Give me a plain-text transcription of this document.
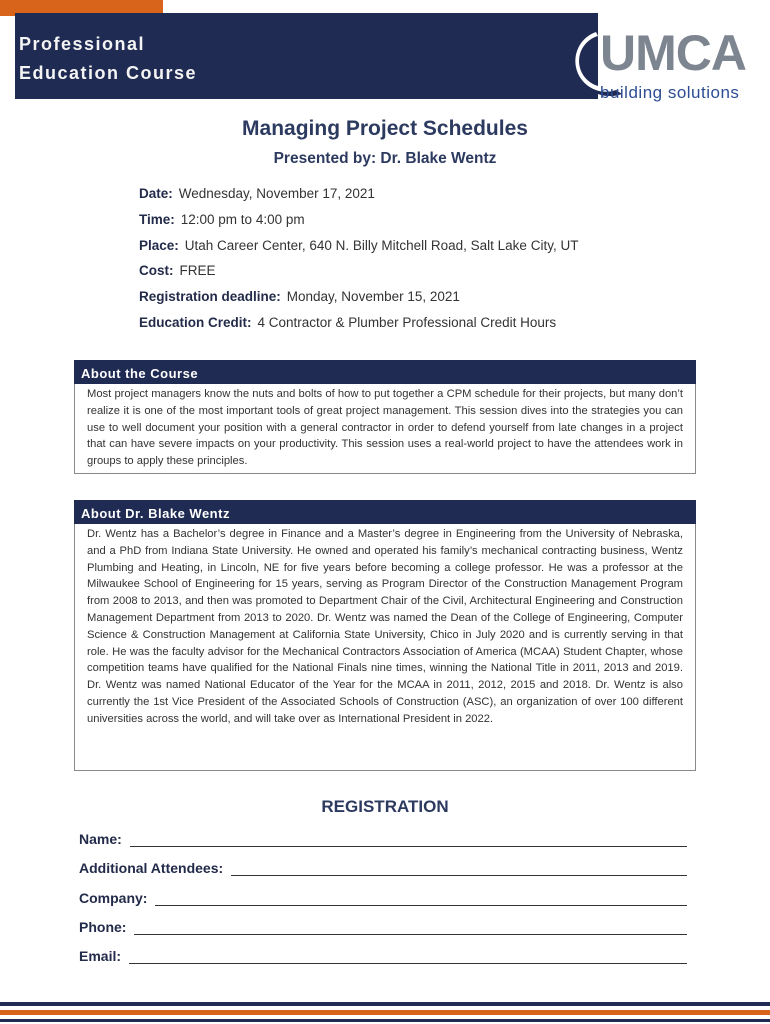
Professional
Education Course	UMCA
building solutions
Managing Project Schedules
Presented by: Dr. Blake Wentz
Date: Wednesday, November 17, 2021
Time: 12:00 pm to 4:00 pm
Place: Utah Career Center, 640 N. Billy Mitchell Road, Salt Lake City, UT
Cost: FREE
Registration deadline: Monday, November 15, 2021
Education Credit: 4 Contractor & Plumber Professional Credit Hours
About the Course

Most project managers know the nuts and bolts of how to put together a CPM schedule for their projects, but many don’t realize it is one of the most important tools of great project management. This session dives into the strategies you can use to well document your position with a general contractor in order to defend yourself from late changes in a project that can have severe impacts on your productivity. This session uses a real-world project to have the attendees work in groups to apply these principles.

About Dr. Blake Wentz

Dr. Wentz has a Bachelor’s degree in Finance and a Master’s degree in Engineering from the University of Nebraska, and a PhD from Indiana State University. He owned and operated his family’s mechanical contracting business, Wentz Plumbing and Heating, in Lincoln, NE for five years before becoming a college professor. He was a professor at the Milwaukee School of Engineering for 15 years, serving as Program Director of the Construction Management Program from 2008 to 2013, and then was promoted to Department Chair of the Civil, Architectural Engineering and Construction Management Department from 2013 to 2020. Dr. Wentz was named the Dean of the College of Engineering, Computer Science & Construction Management at California State University, Chico in July 2020 and is currently serving in that role. He was the faculty advisor for the Mechanical Contractors Association of America (MCAA) Student Chapter, whose competition teams have qualified for the National Finals nine times, winning the National Title in 2011, 2013 and 2019. Dr. Wentz was named National Educator of the Year for the MCAA in 2011, 2012, 2015 and 2018. Dr. Wentz is also currently the 1st Vice President of the Associated Schools of Construction (ASC), an organization of over 100 different universities across the world, and will take over as International President in 2022.

REGISTRATION
Name:
Additional Attendees:
Company:
Phone:
Email:
